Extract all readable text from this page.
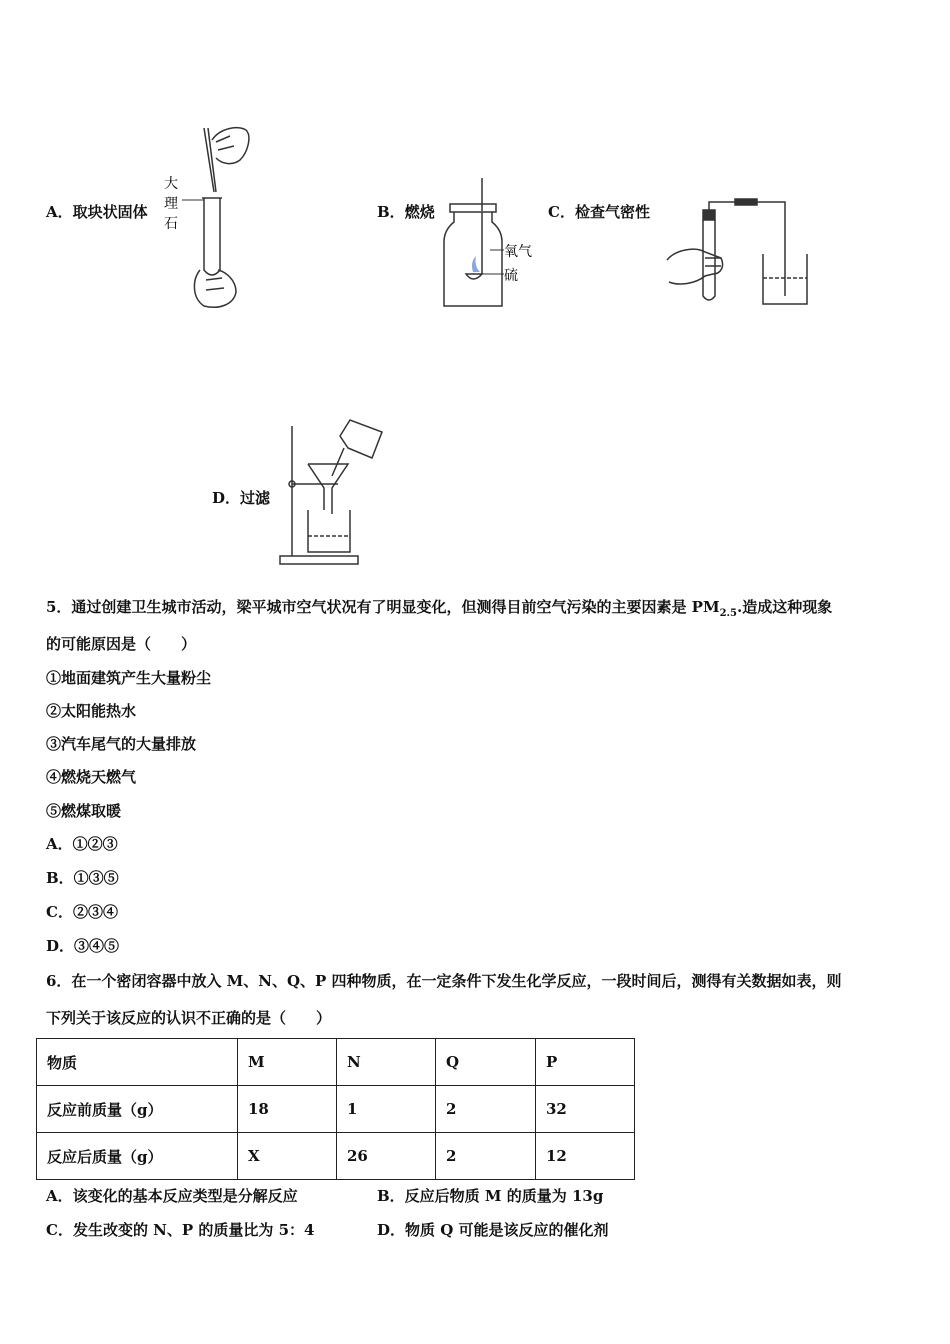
A．取块状固体	B．燃烧	C．检查气密性
D．过滤
大
理
石
氧气
硫
5．通过创建卫生城市活动，梁平城市空气状况有了明显变化，但测得目前空气污染的主要因素是 $PM_{2.5}$.造成这种现象
的可能原因是（　　）
①地面建筑产生大量粉尘
②太阳能热水
③汽车尾气的大量排放
④燃烧天燃气
⑤燃煤取暖
A．①②③
B．①③⑤
C．②③④
D．③④⑤
6．在一个密闭容器中放入 M、N、Q、P 四种物质，在一定条件下发生化学反应，一段时间后，测得有关数据如表，则
下列关于该反应的认识不正确的是（　　）
物质	M	N	Q	P
反应前质量（g）	18	1	2	32
反应后质量（g）	X	26	2	12
A．该变化的基本反应类型是分解反应	B．反应后物质 M 的质量为 13g
C．发生改变的 N、P 的质量比为 5：4	D．物质 Q 可能是该反应的催化剂
